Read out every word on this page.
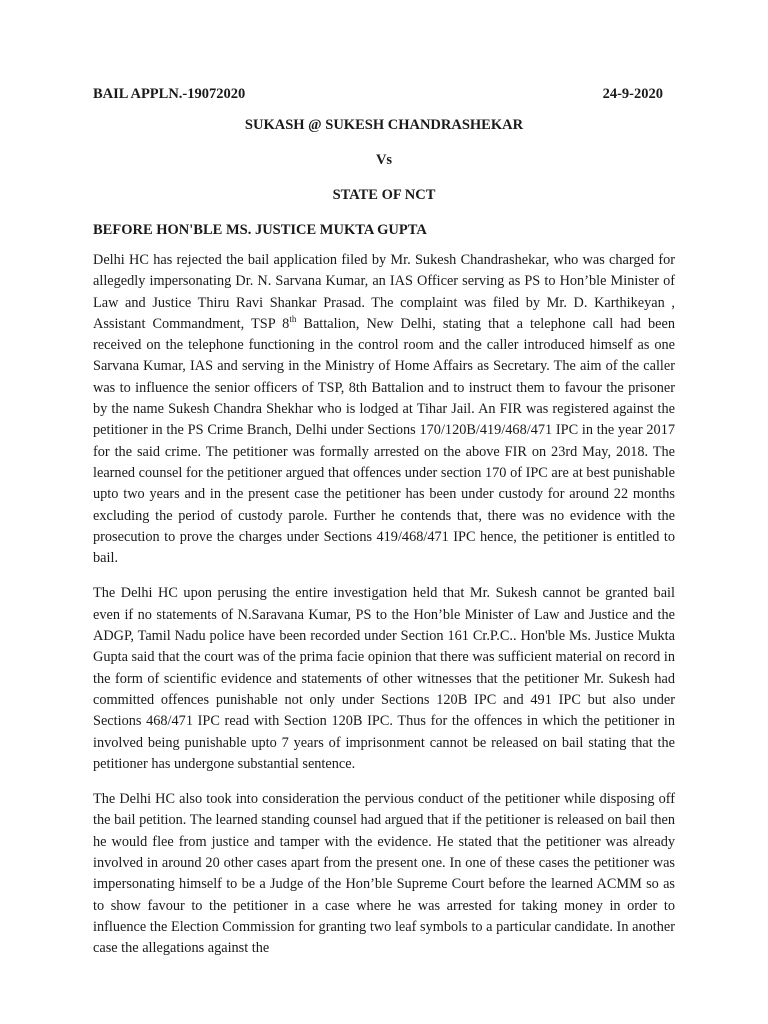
BAIL APPLN.-19072020	24-9-2020
SUKASH @ SUKESH CHANDRASHEKAR
Vs
STATE OF NCT
BEFORE HON'BLE MS. JUSTICE MUKTA GUPTA

Delhi HC has rejected the bail application filed by Mr. Sukesh Chandrashekar, who was charged for allegedly impersonating Dr. N. Sarvana Kumar, an IAS Officer serving as PS to Hon’ble Minister of Law and Justice Thiru Ravi Shankar Prasad. The complaint was filed by Mr. D. Karthikeyan , Assistant Commandment, TSP 8th Battalion, New Delhi, stating that a telephone call had been received on the telephone functioning in the control room and the caller introduced himself as one Sarvana Kumar, IAS and serving in the Ministry of Home Affairs as Secretary. The aim of the caller was to influence the senior officers of TSP, 8th Battalion and to instruct them to favour the prisoner by the name Sukesh Chandra Shekhar who is lodged at Tihar Jail. An FIR was registered against the petitioner in the PS Crime Branch, Delhi under Sections 170/120B/419/468/471 IPC in the year 2017 for the said crime. The petitioner was formally arrested on the above FIR on 23rd May, 2018. The learned counsel for the petitioner argued that offences under section 170 of IPC are at best punishable upto two years and in the present case the petitioner has been under custody for around 22 months excluding the period of custody parole. Further he contends that, there was no evidence with the prosecution to prove the charges under Sections 419/468/471 IPC hence, the petitioner is entitled to bail.

The Delhi HC upon perusing the entire investigation held that Mr. Sukesh cannot be granted bail even if no statements of N.Saravana Kumar, PS to the Hon’ble Minister of Law and Justice and the ADGP, Tamil Nadu police have been recorded under Section 161 Cr.P.C.. Hon'ble Ms. Justice Mukta Gupta said that the court was of the prima facie opinion that there was sufficient material on record in the form of scientific evidence and statements of other witnesses that the petitioner Mr. Sukesh had committed offences punishable not only under Sections 120B IPC and 491 IPC but also under Sections 468/471 IPC read with Section 120B IPC. Thus for the offences in which the petitioner in involved being punishable upto 7 years of imprisonment cannot be released on bail stating that the petitioner has undergone substantial sentence.

The Delhi HC also took into consideration the pervious conduct of the petitioner while disposing off the bail petition. The learned standing counsel had argued that if the petitioner is released on bail then he would flee from justice and tamper with the evidence. He stated that the petitioner was already involved in around 20 other cases apart from the present one. In one of these cases the petitioner was impersonating himself to be a Judge of the Hon’ble Supreme Court before the learned ACMM so as to show favour to the petitioner in a case where he was arrested for taking money in order to influence the Election Commission for granting two leaf symbols to a particular candidate. In another case the allegations against the
